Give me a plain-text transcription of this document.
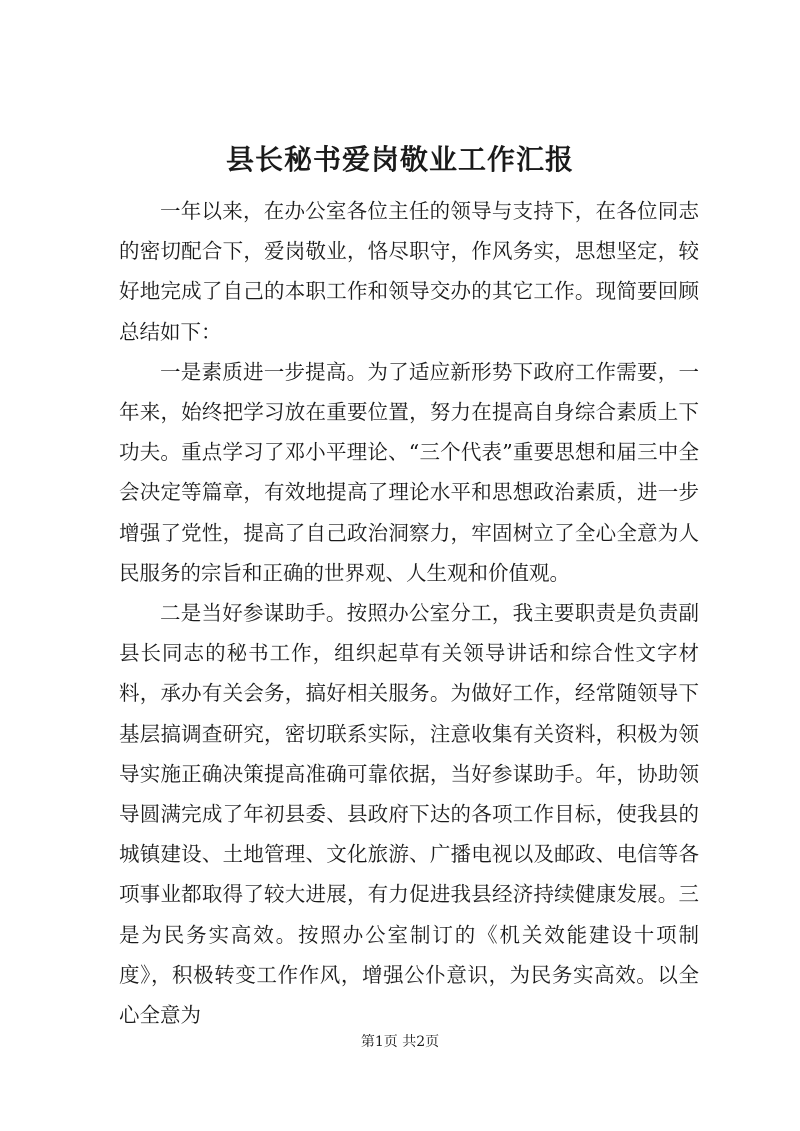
县长秘书爱岗敬业工作汇报

一年以来，在办公室各位主任的领导与支持下，在各位同志的密切配合下，爱岗敬业，恪尽职守，作风务实，思想坚定，较好地完成了自己的本职工作和领导交办的其它工作。现简要回顾总结如下：

一是素质进一步提高。为了适应新形势下政府工作需要，一年来，始终把学习放在重要位置，努力在提高自身综合素质上下功夫。重点学习了邓小平理论、“三个代表”重要思想和届三中全会决定等篇章，有效地提高了理论水平和思想政治素质，进一步增强了党性，提高了自己政治洞察力，牢固树立了全心全意为人民服务的宗旨和正确的世界观、人生观和价值观。

二是当好参谋助手。按照办公室分工，我主要职责是负责副县长同志的秘书工作，组织起草有关领导讲话和综合性文字材料，承办有关会务，搞好相关服务。为做好工作，经常随领导下基层搞调查研究，密切联系实际，注意收集有关资料，积极为领导实施正确决策提高准确可靠依据，当好参谋助手。年，协助领导圆满完成了年初县委、县政府下达的各项工作目标，使我县的城镇建设、土地管理、文化旅游、广播电视以及邮政、电信等各项事业都取得了较大进展，有力促进我县经济持续健康发展。三是为民务实高效。按照办公室制订的《机关效能建设十项制度》，积极转变工作作风，增强公仆意识，为民务实高效。以全心全意为

第1页 共2页
